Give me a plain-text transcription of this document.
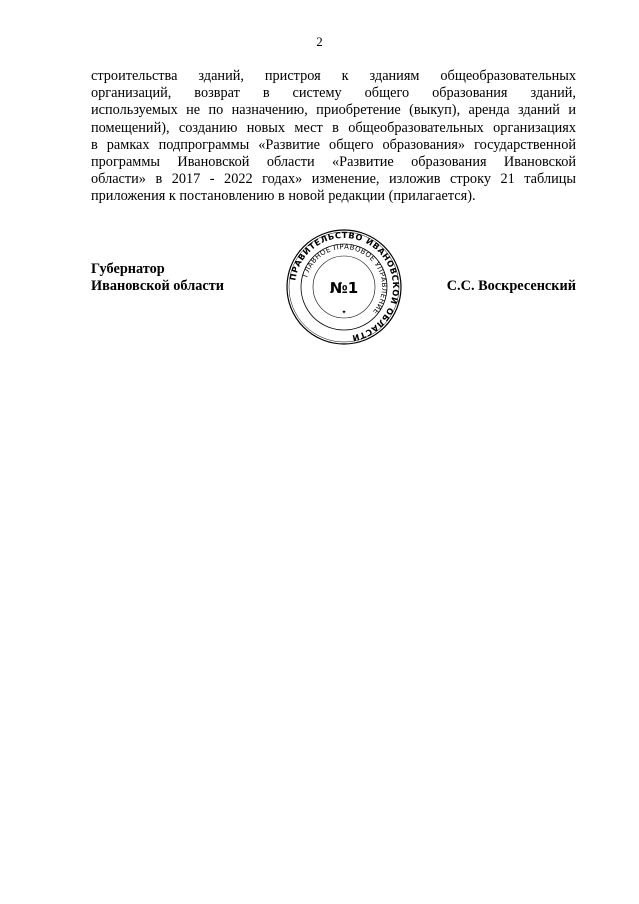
2
строительства зданий, пристроя к зданиям общеобразовательных
организаций, возврат в систему общего образования зданий,
используемых не по назначению, приобретение (выкуп), аренда зданий и
помещений), созданию новых мест в общеобразовательных организациях
в рамках подпрограммы «Развитие общего образования» государственной
программы Ивановской области «Развитие образования Ивановской
области» в 2017 - 2022 годах» изменение, изложив строку 21 таблицы
приложения к постановлению в новой редакции (прилагается).
Губернатор
Ивановской области	С.С. Воскресенский
ПРАВИТЕЛЬСТВО ИВАНОВСКОЙ ОБЛАСТИ
ГЛАВНОЕ ПРАВОВОЕ УПРАВЛЕНИЕ
№1
✦
